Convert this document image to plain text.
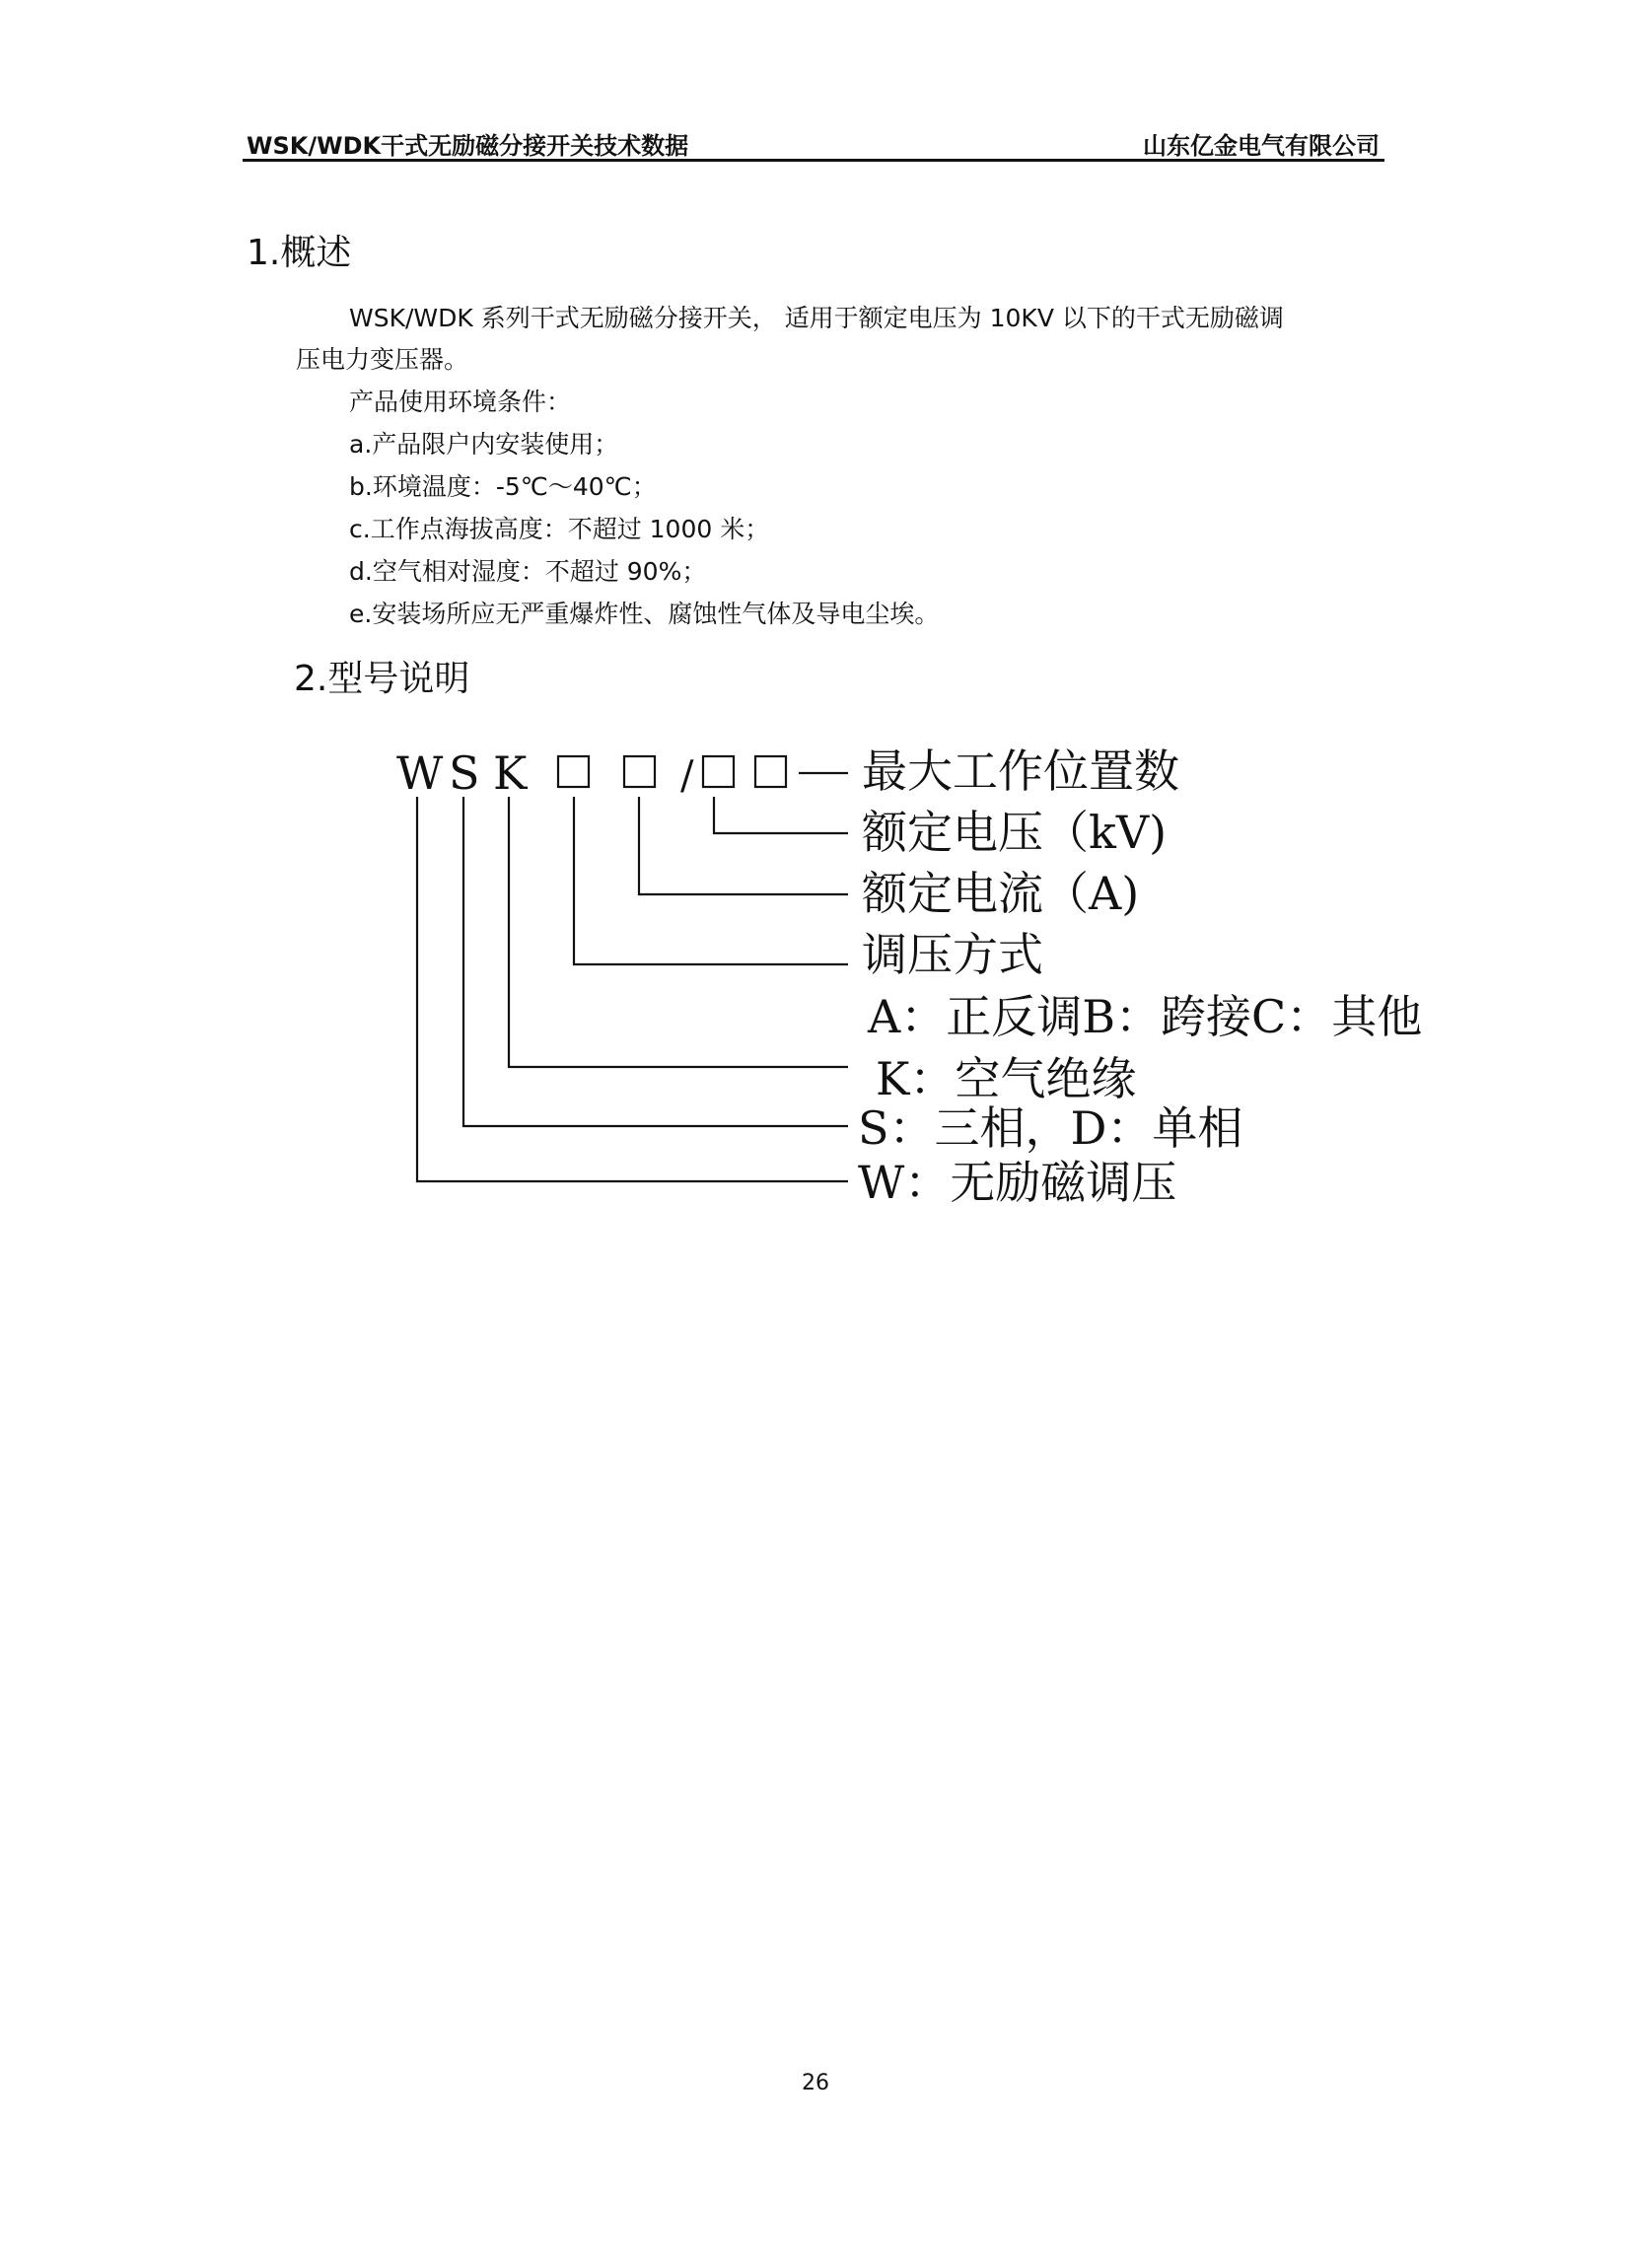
WSK/WDK干式无励磁分接开关技术数据	山东亿金电气有限公司
1.概述
WSK/WDK 系列干式无励磁分接开关， 适用于额定电压为 10KV 以下的干式无励磁调
压电力变压器。
产品使用环境条件：
a.产品限户内安装使用；
b.环境温度：-5℃～40℃；
c.工作点海拔高度：不超过 1000 米；
d.空气相对湿度：不超过 90%；
e.安装场所应无严重爆炸性、腐蚀性气体及导电尘埃。
2.型号说明
W S K	/	最大工作位置数
额定电压（kV)
额定电流（A)
调压方式
A：正反调B：跨接C：其他
K：空气绝缘
S：三相，D：单相
W：无励磁调压
26
